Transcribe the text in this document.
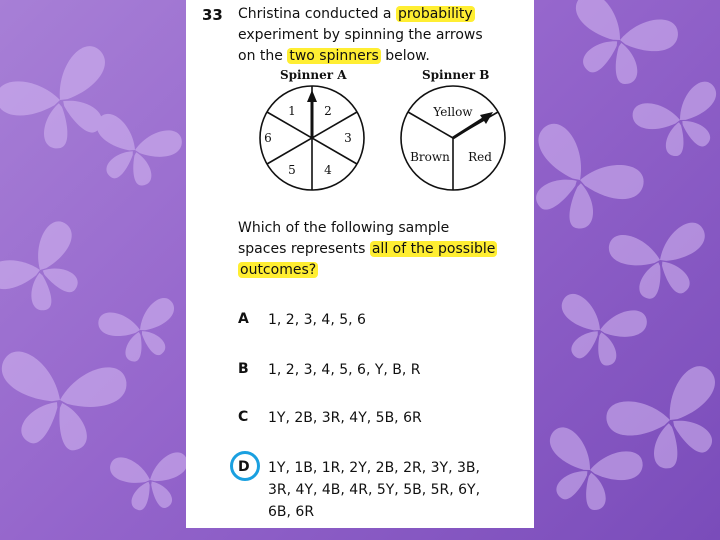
33 Christina conducted a probability
experiment by spinning the arrows
on the two spinners below.
Spinner A	Spinner B
1 2
3
4
5
6
Yellow
Brown Red
Which of the following sample
spaces represents all of the possible
outcomes?
A 1, 2, 3, 4, 5, 6
B 1, 2, 3, 4, 5, 6, Y, B, R
C 1Y, 2B, 3R, 4Y, 5B, 6R
D 1Y, 1B, 1R, 2Y, 2B, 2R, 3Y, 3B,
3R, 4Y, 4B, 4R, 5Y, 5B, 5R, 6Y,
6B, 6R
